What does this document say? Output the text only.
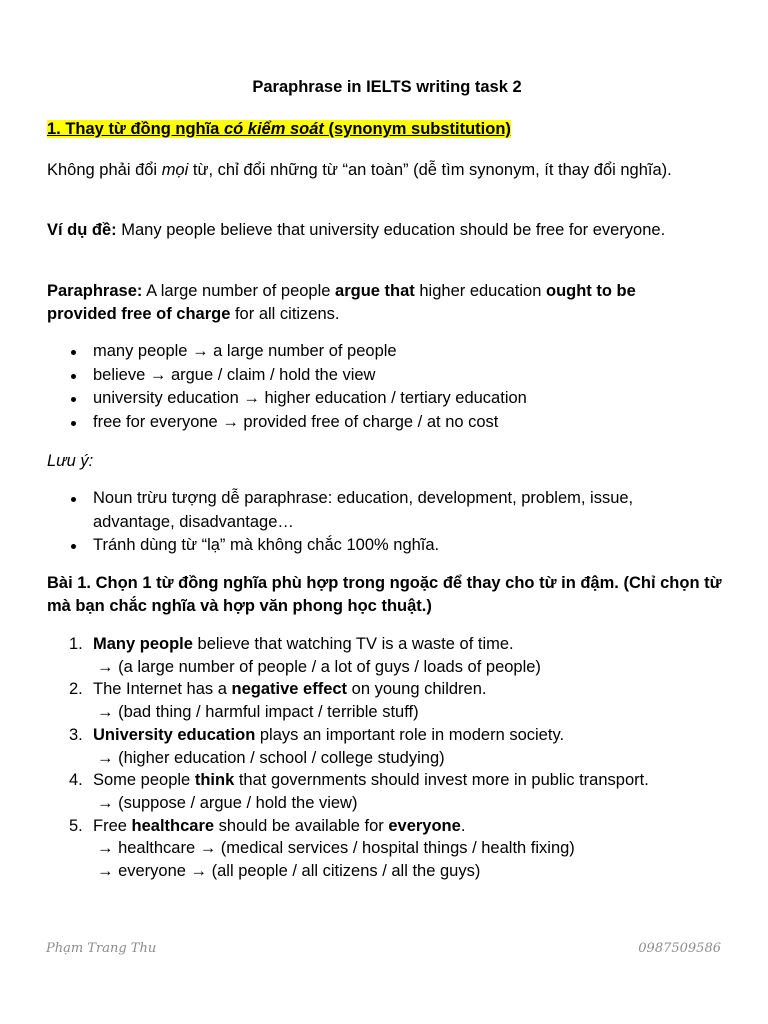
Paraphrase in IELTS writing task 2
1. Thay từ đồng nghĩa có kiểm soát (synonym substitution)
Không phải đổi mọi từ, chỉ đổi những từ “an toàn” (dễ tìm synonym, ít thay đổi nghĩa).
Ví dụ đề: Many people believe that university education should be free for everyone.
Paraphrase: A large number of people argue that higher education ought to be provided free of charge for all citizens.
many people → a large number of people
believe → argue / claim / hold the view
university education → higher education / tertiary education
free for everyone → provided free of charge / at no cost
Lưu ý:
Noun trừu tượng dễ paraphrase: education, development, problem, issue, advantage, disadvantage…
Tránh dùng từ “lạ” mà không chắc 100% nghĩa.
Bài 1. Chọn 1 từ đồng nghĩa phù hợp trong ngoặc để thay cho từ in đậm. (Chỉ chọn từ mà bạn chắc nghĩa và hợp văn phong học thuật.)
1. Many people believe that watching TV is a waste of time.
→ (a large number of people / a lot of guys / loads of people)
2. The Internet has a negative effect on young children.
→ (bad thing / harmful impact / terrible stuff)
3. University education plays an important role in modern society.
→ (higher education / school / college studying)
4. Some people think that governments should invest more in public transport.
→ (suppose / argue / hold the view)
5. Free healthcare should be available for everyone.
→ healthcare → (medical services / hospital things / health fixing)
→ everyone → (all people / all citizens / all the guys)
Phạm Trang Thu	0987509586
